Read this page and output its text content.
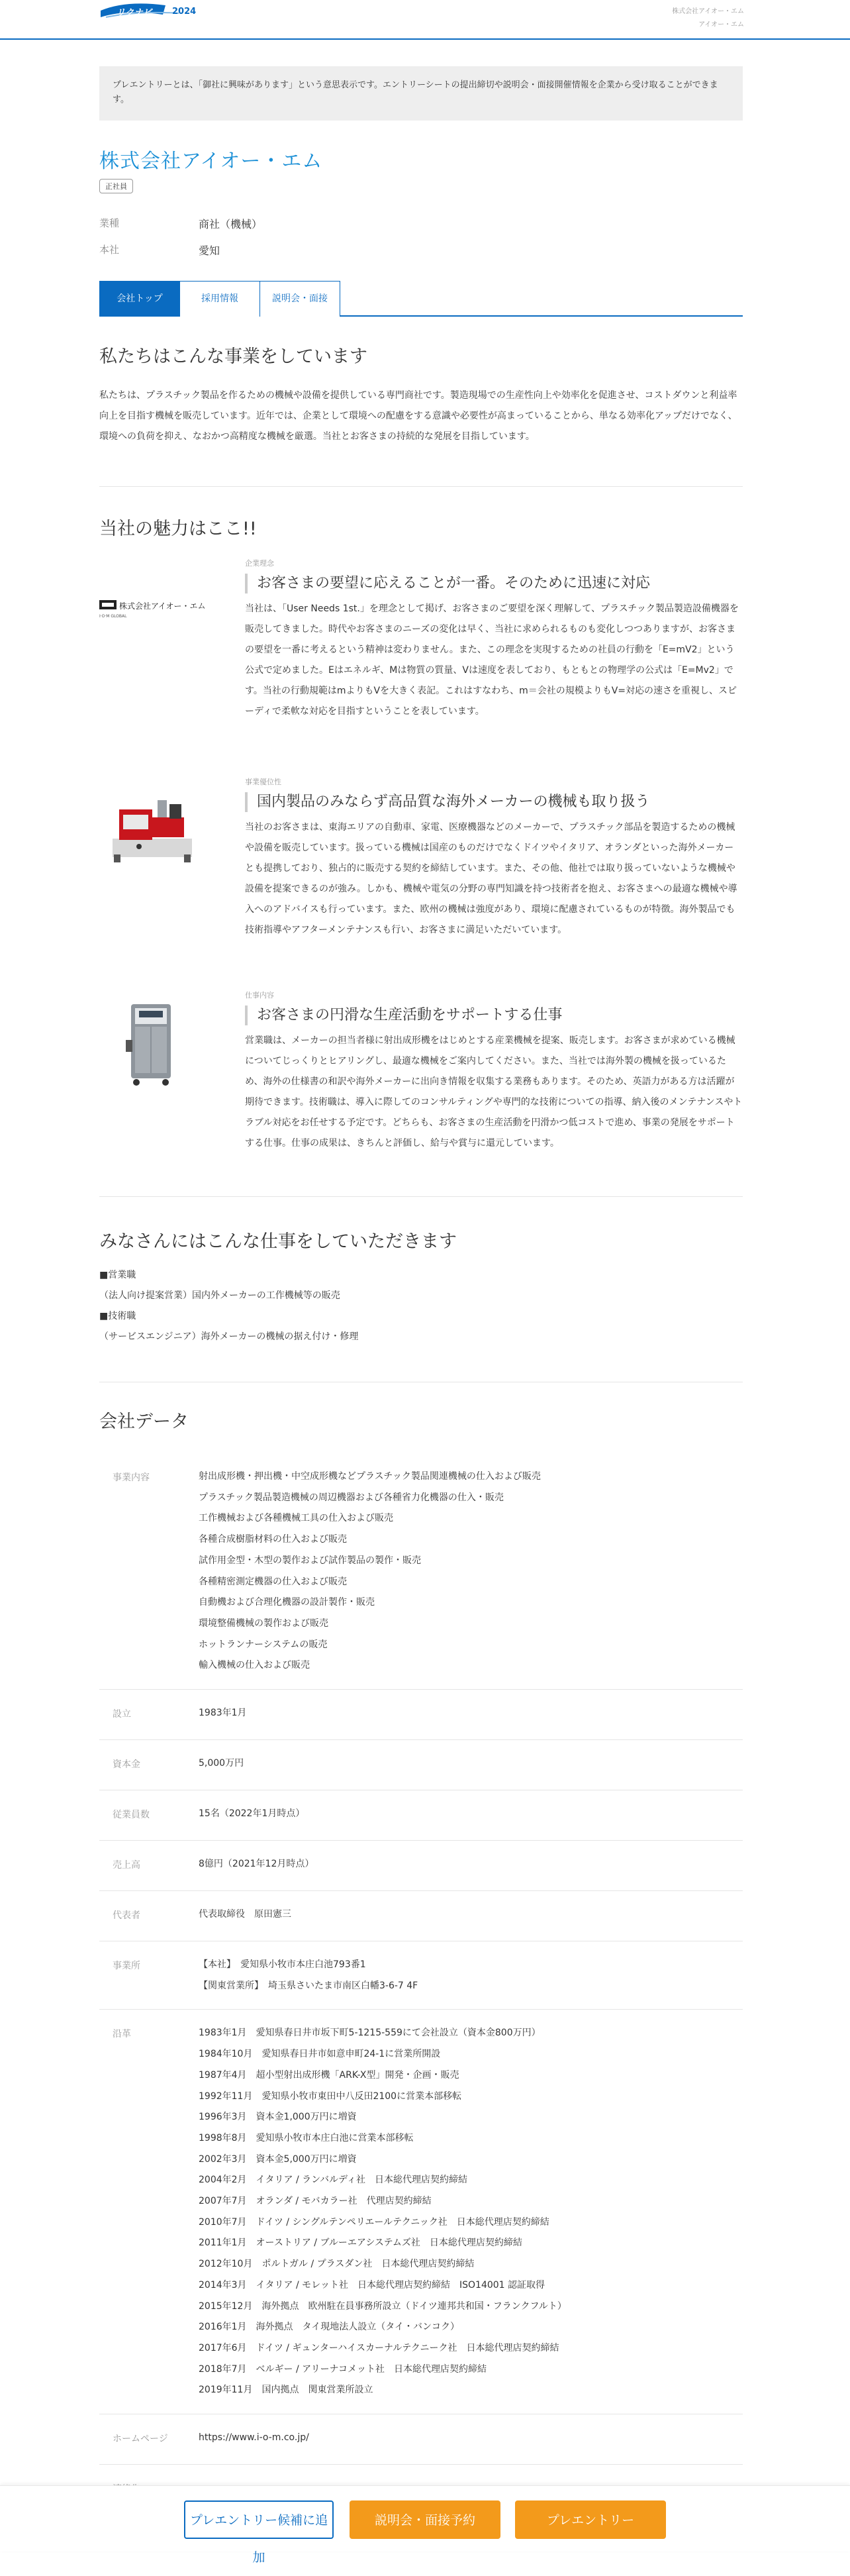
リクナビ 2024	株式会社アイオー・エム
アイオー・エム
プレエントリーとは、「御社に興味があります」という意思表示です。エントリーシートの提出締切や説明会・面接開催情報を企業から受け取ることができます。
株式会社アイオー・エム
正社員
業種	商社（機械）
本社	愛知
会社トップ	採用情報	説明会・面接
私たちはこんな事業をしています

私たちは、プラスチック製品を作るための機械や設備を提供している専門商社です。製造現場での生産性向上や効率化を促進させ、コストダウンと利益率向上を目指す機械を販売しています。近年では、企業として環境への配慮をする意識や必要性が高まっていることから、単なる効率化アップだけでなく、環境への負荷を抑え、なおかつ高精度な機械を厳選。当社とお客さまの持続的な発展を目指しています。

当社の魅力はここ!!
I·O·M GLOBAL
株式会社アイオー・エム
企業理念
お客さまの要望に応えることが一番。そのために迅速に対応
当社は、「User Needs 1st.」を理念として掲げ、お客さまのご要望を深く理解して、プラスチック製品製造設備機器を販売してきました。時代やお客さまのニーズの変化は早く、当社に求められるものも変化しつつありますが、お客さまの要望を一番に考えるという精神は変わりません。また、この理念を実現するための社員の行動を「E=mV2」という公式で定めました。Eはエネルギ、Mは物質の質量、Vは速度を表しており、もともとの物理学の公式は「E=Mv2」です。当社の行動規範はmよりもVを大きく表記。これはすなわち、m＝会社の規模よりもV=対応の速さを重視し、スピーディで柔軟な対応を目指すということを表しています。
事業優位性
国内製品のみならず高品質な海外メーカーの機械も取り扱う
当社のお客さまは、東海エリアの自動車、家電、医療機器などのメーカーで、プラスチック部品を製造するための機械や設備を販売しています。扱っている機械は国産のものだけでなくドイツやイタリア、オランダといった海外メーカーとも提携しており、独占的に販売する契約を締結しています。また、その他、他社では取り扱っていないような機械や設備を提案できるのが強み。しかも、機械や電気の分野の専門知識を持つ技術者を抱え、お客さまへの最適な機械や導入へのアドバイスも行っています。また、欧州の機械は強度があり、環境に配慮されているものが特徴。海外製品でも技術指導やアフターメンテナンスも行い、お客さまに満足いただいています。
仕事内容
お客さまの円滑な生産活動をサポートする仕事
営業職は、メーカーの担当者様に射出成形機をはじめとする産業機械を提案、販売します。お客さまが求めている機械についてじっくりとヒアリングし、最適な機械をご案内してください。また、当社では海外製の機械を扱っているため、海外の仕様書の和訳や海外メーカーに出向き情報を収集する業務もあります。そのため、英語力がある方は活躍が期待できます。技術職は、導入に際してのコンサルティングや専門的な技術についての指導、納入後のメンテナンスやトラブル対応をお任せする予定です。どちらも、お客さまの生産活動を円滑かつ低コストで進め、事業の発展をサポートする仕事。仕事の成果は、きちんと評価し、給与や賞与に還元しています。
みなさんにはこんな仕事をしていただきます
■営業職
（法人向け提案営業）国内外メーカーの工作機械等の販売
■技術職
（サービスエンジニア）海外メーカーの機械の据え付け・修理
会社データ
事業内容	射出成形機・押出機・中空成形機などプラスチック製品関連機械の仕入および販売
プラスチック製品製造機械の周辺機器および各種省力化機器の仕入・販売
工作機械および各種機械工具の仕入および販売
各種合成樹脂材料の仕入および販売
試作用金型・木型の製作および試作製品の製作・販売
各種精密測定機器の仕入および販売
自動機および合理化機器の設計製作・販売
環境整備機械の製作および販売
ホットランナーシステムの販売
輸入機械の仕入および販売
設立	1983年1月
資本金	5,000万円
従業員数	15名（2022年1月時点）
売上高	8億円（2021年12月時点）
代表者	代表取締役　原田憲三
事業所	【本社】　愛知県小牧市本庄白池793番1
【関東営業所】　埼玉県さいたま市南区白幡3-6-7 4F
沿革	1983年1月　愛知県春日井市坂下町5-1215-559にて会社設立（資本金800万円）
1984年10月　愛知県春日井市如意申町24-1に営業所開設
1987年4月　超小型射出成形機「ARK-X型」開発・企画・販売
1992年11月　愛知県小牧市東田中八反田2100に営業本部移転
1996年3月　資本金1,000万円に増資
1998年8月　愛知県小牧市本庄白池に営業本部移転
2002年3月　資本金5,000万円に増資
2004年2月　イタリア / ランバルディ社　日本総代理店契約締結
2007年7月　オランダ / モバカラー社　代理店契約締結
2010年7月　ドイツ / シングルテンペリエールテクニック社　日本総代理店契約締結
2011年1月　オーストリア / ブルーエアシステムズ社　日本総代理店契約締結
2012年10月　ポルトガル / プラスダン社　日本総代理店契約締結
2014年3月　イタリア / モレット社　日本総代理店契約締結　ISO14001 認証取得
2015年12月　海外拠点　欧州駐在員事務所設立（ドイツ連邦共和国・フランクフルト）
2016年1月　海外拠点　タイ現地法人設立（タイ・バンコク）
2017年6月　ドイツ / ギュンターハイスカーナルテクニーク社　日本総代理店契約締結
2018年7月　ベルギー / アリーナコメット社　日本総代理店契約締結
2019年11月　国内拠点　関東営業所設立
ホームページ	https://www.i-o-m.co.jp/
プレエントリー候補に追加
説明会・面接予約	プレエントリー
